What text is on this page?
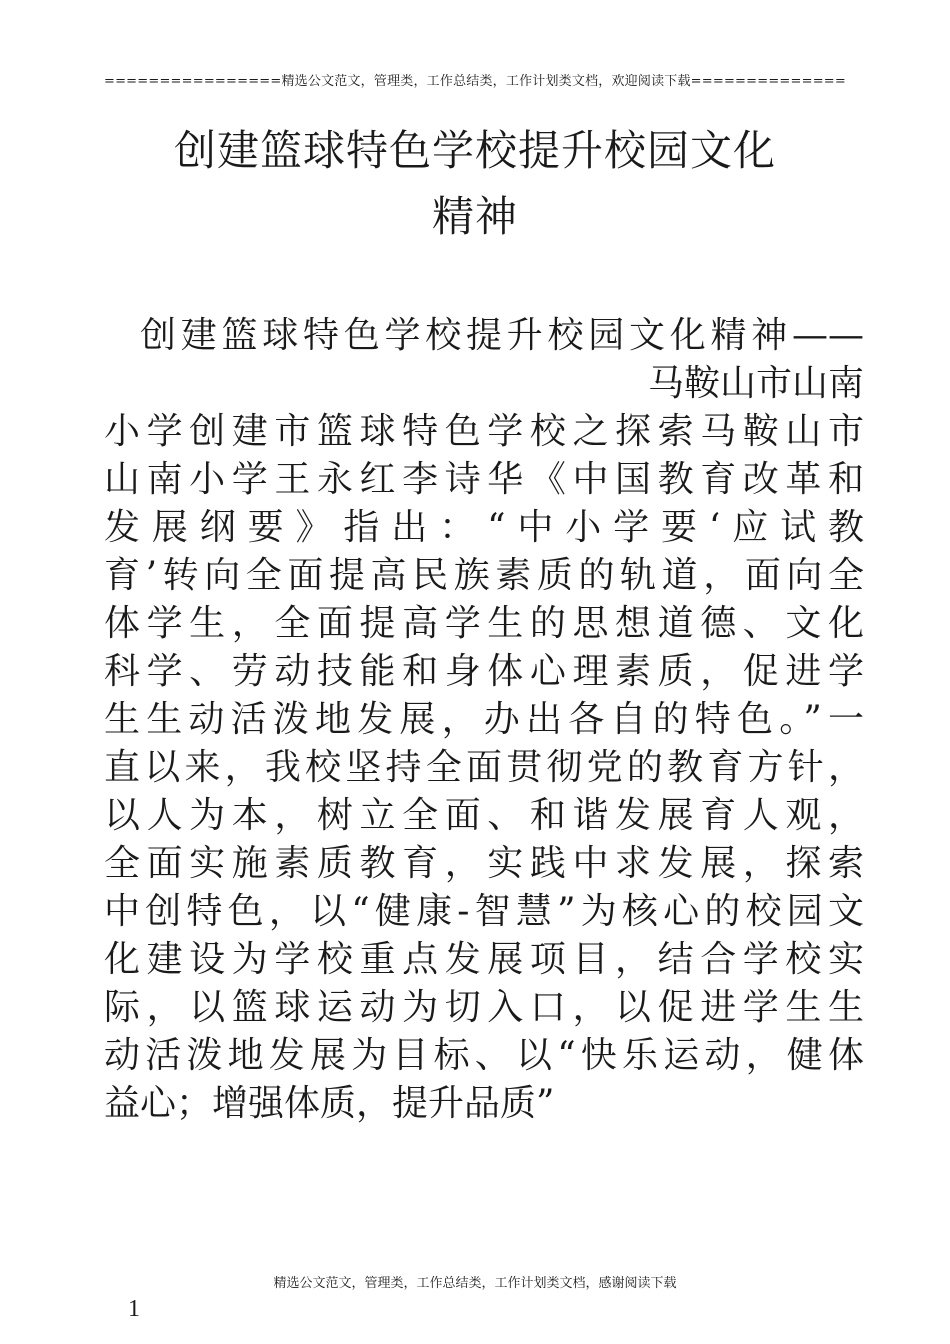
================精选公文范文，管理类，工作总结类，工作计划类文档，欢迎阅读下载==============
创建篮球特色学校提升校园文化
精神
创建篮球特色学校提升校园文化精神——
马鞍山市山南
小学创建市篮球特色学校之探索马鞍山市
山南小学王永红李诗华《中国教育改革和
发展纲要》指出：“中小学要‘应试教
育’转向全面提高民族素质的轨道，面向全
体学生，全面提高学生的思想道德、文化
科学、劳动技能和身体心理素质，促进学
生生动活泼地发展，办出各自的特色。”一
直以来，我校坚持全面贯彻党的教育方针，
以人为本，树立全面、和谐发展育人观，
全面实施素质教育，实践中求发展，探索
中创特色，以“健康-智慧”为核心的校园文
化建设为学校重点发展项目，结合学校实
际，以篮球运动为切入口，以促进学生生
动活泼地发展为目标、以“快乐运动，健体
益心；增强体质，提升品质”
精选公文范文，管理类，工作总结类，工作计划类文档，感谢阅读下载
1
